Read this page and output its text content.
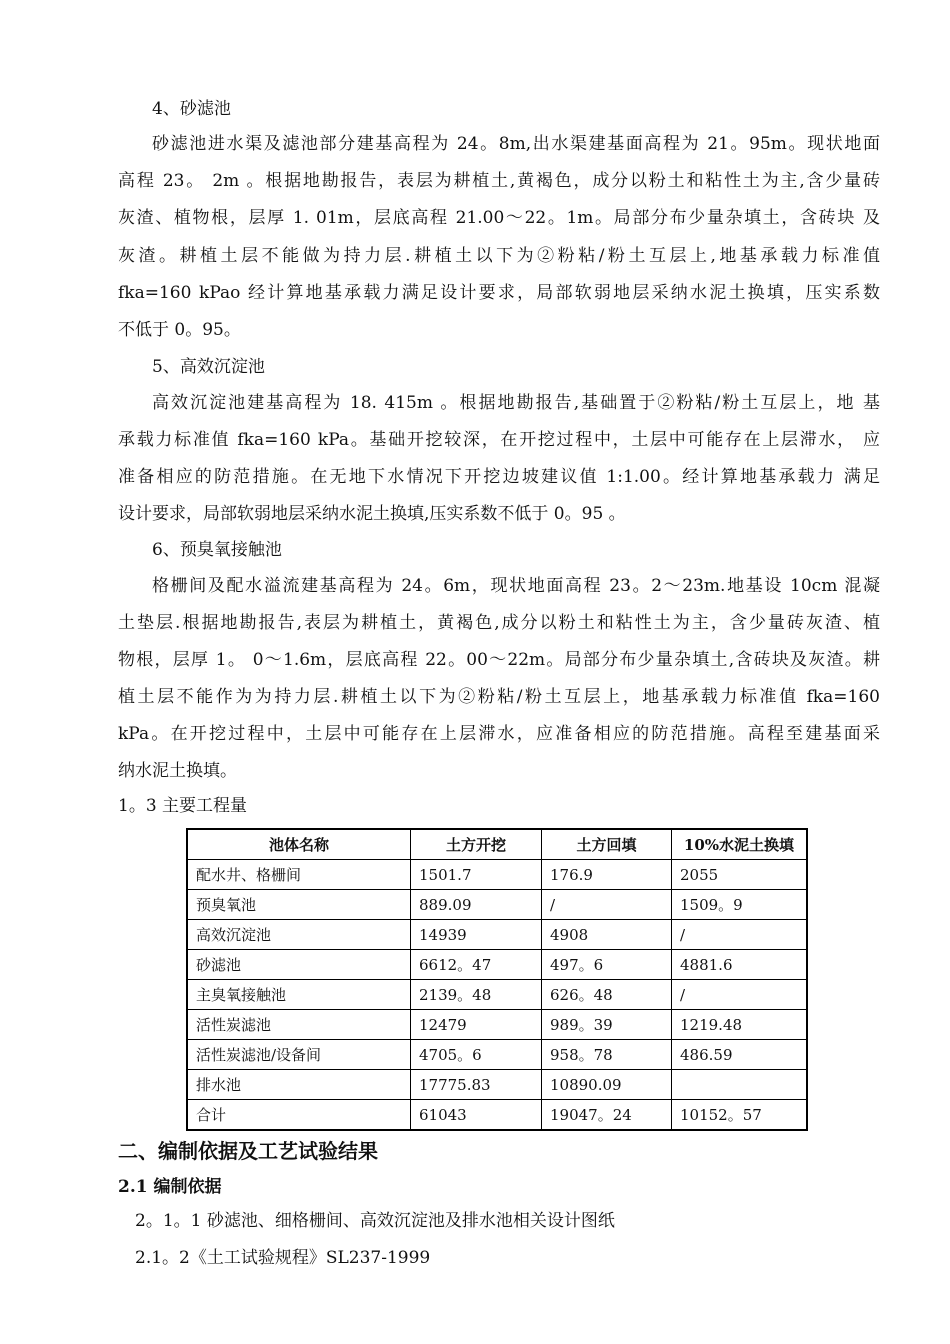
4、砂滤池
砂滤池进水渠及滤池部分建基高程为 24。8m,出水渠建基面高程为 21。95m。现状地面
高程 23。 2m 。根据地勘报告，表层为耕植土,黄褐色，成分以粉土和粘性土为主,含少量砖
灰渣、植物根，层厚 1. 01m，层底高程 21.00～22。1m。局部分布少量杂填土，含砖块 及
灰渣。耕植土层不能做为持力层.耕植土以下为②粉粘/粉土互层上,地基承载力标准值
fka=160 kPao 经计算地基承载力满足设计要求，局部软弱地层采纳水泥土换填，压实系数
不低于 0。95。
5、高效沉淀池
高效沉淀池建基高程为 18. 415m 。根据地勘报告,基础置于②粉粘/粉土互层上，地 基
承载力标准值 fka=160 kPa。基础开挖较深，在开挖过程中，土层中可能存在上层滞水， 应
准备相应的防范措施。在无地下水情况下开挖边坡建议值 1:1.00。经计算地基承载力 满足
设计要求，局部软弱地层采纳水泥土换填,压实系数不低于 0。95 。
6、预臭氧接触池
格栅间及配水溢流建基高程为 24。6m，现状地面高程 23。2～23m.地基设 10cm 混凝
土垫层.根据地勘报告,表层为耕植土，黄褐色,成分以粉土和粘性土为主，含少量砖灰渣、植
物根，层厚 1。 0～1.6m，层底高程 22。00～22m。局部分布少量杂填土,含砖块及灰渣。耕
植土层不能作为为持力层.耕植土以下为②粉粘/粉土互层上，地基承载力标准值 fka=160
kPa。在开挖过程中，土层中可能存在上层滞水，应准备相应的防范措施。高程至建基面采
纳水泥土换填。
1。3 主要工程量
池体名称	土方开挖	土方回填	10%水泥土换填
配水井、格栅间	1501.7	176.9	2055
预臭氧池	889.09	/	1509。9
高效沉淀池	14939	4908	/
砂滤池	6612。47	497。6	4881.6
主臭氧接触池	2139。48	626。48	/
活性炭滤池	12479	989。39	1219.48
活性炭滤池/设备间	4705。6	958。78	486.59
排水池	17775.83	10890.09	
合计	61043	19047。24	10152。57
二、编制依据及工艺试验结果
2.1 编制依据
2。1。1 砂滤池、细格栅间、高效沉淀池及排水池相关设计图纸
2.1。2《土工试验规程》SL237-1999
